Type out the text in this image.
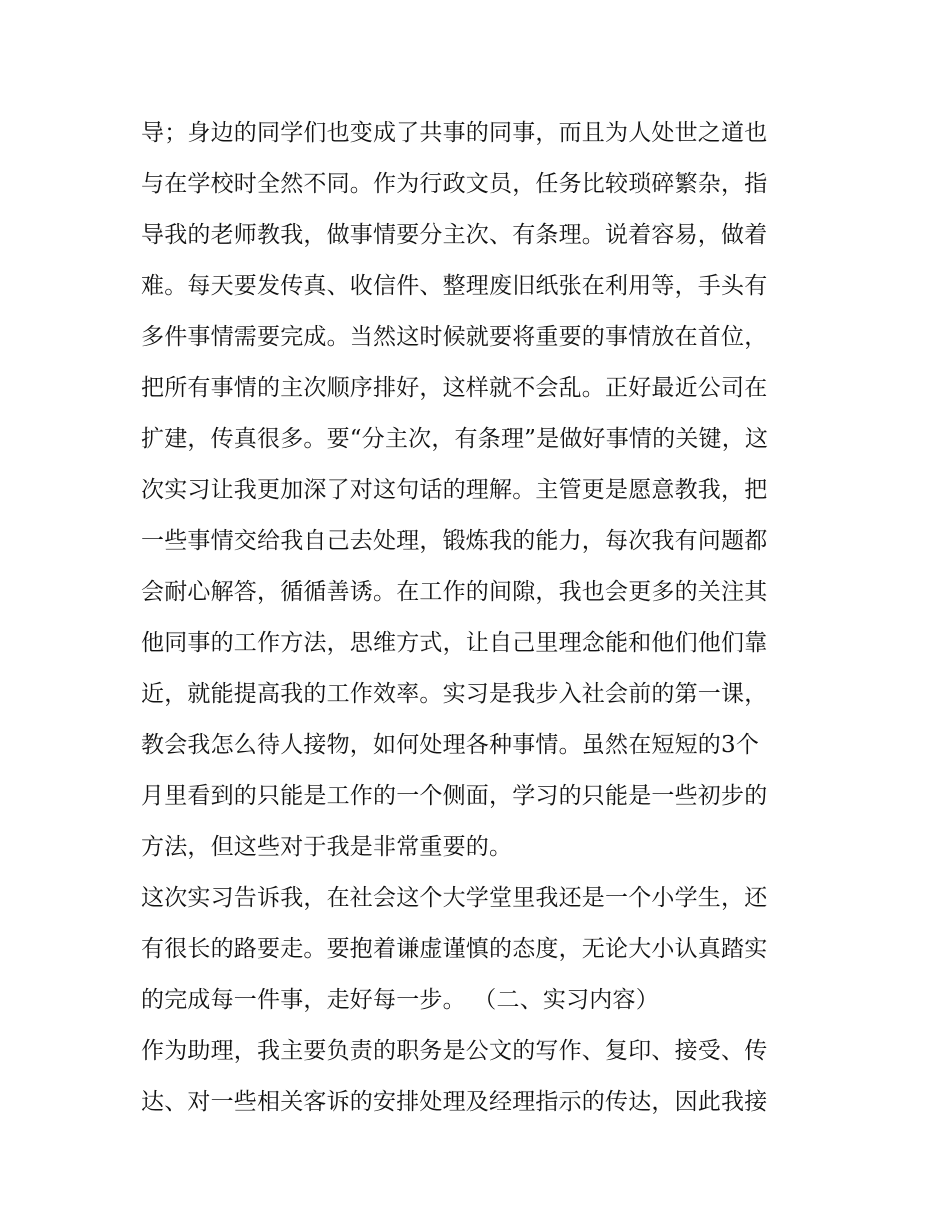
导；身边的同学们也变成了共事的同事，而且为人处世之道也
与在学校时全然不同。作为行政文员，任务比较琐碎繁杂，指
导我的老师教我，做事情要分主次、有条理。说着容易，做着
难。每天要发传真、收信件、整理废旧纸张在利用等，手头有
多件事情需要完成。当然这时候就要将重要的事情放在首位，
把所有事情的主次顺序排好，这样就不会乱。正好最近公司在
扩建，传真很多。要“分主次，有条理”是做好事情的关键，这
次实习让我更加深了对这句话的理解。主管更是愿意教我，把
一些事情交给我自己去处理，锻炼我的能力，每次我有问题都
会耐心解答，循循善诱。在工作的间隙，我也会更多的关注其
他同事的工作方法，思维方式，让自己里理念能和他们他们靠
近，就能提高我的工作效率。实习是我步入社会前的第一课，
教会我怎么待人接物，如何处理各种事情。虽然在短短的3个
月里看到的只能是工作的一个侧面，学习的只能是一些初步的
方法，但这些对于我是非常重要的。
这次实习告诉我，在社会这个大学堂里我还是一个小学生，还
有很长的路要走。要抱着谦虚谨慎的态度，无论大小认真踏实
的完成每一件事，走好每一步。 （二、实习内容）
作为助理，我主要负责的职务是公文的写作、复印、接受、传
达、对一些相关客诉的安排处理及经理指示的传达，因此我接
